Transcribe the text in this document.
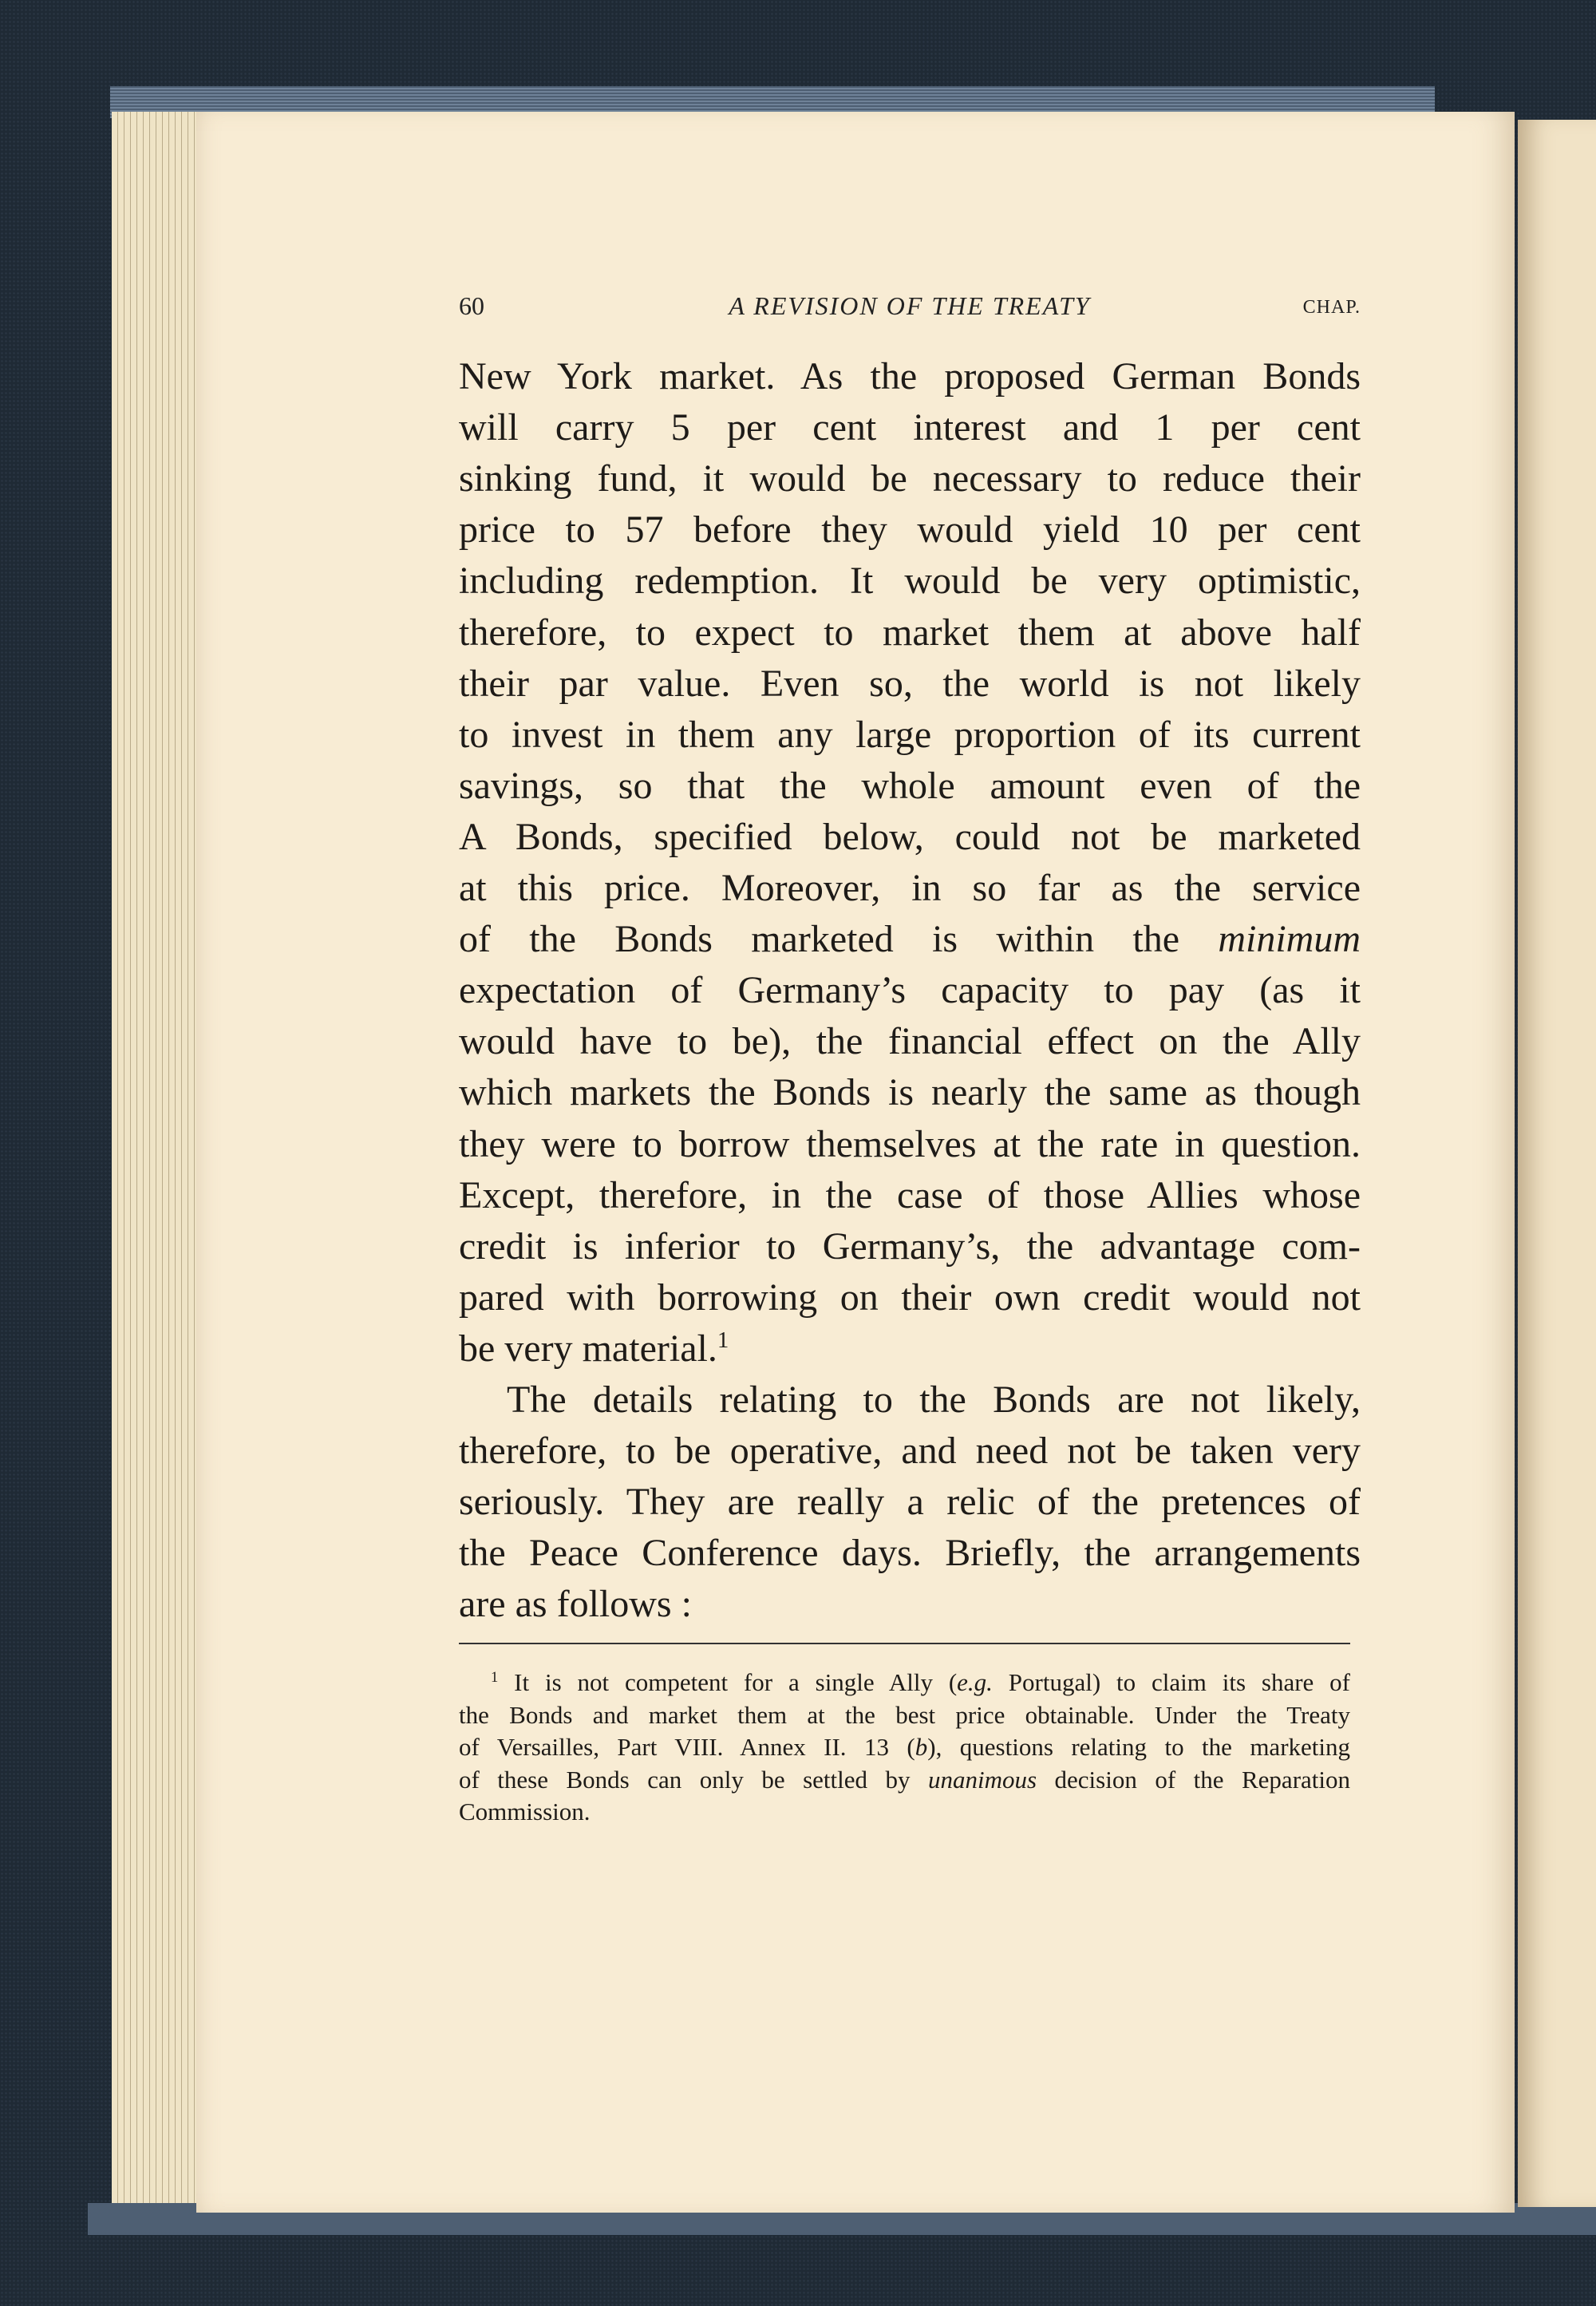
60	A REVISION OF THE TREATY	CHAP.
New York market. As the proposed German Bonds
will carry 5 per cent interest and 1 per cent
sinking fund, it would be necessary to reduce their
price to 57 before they would yield 10 per cent
including redemption. It would be very optimistic,
therefore, to expect to market them at above half
their par value. Even so, the world is not likely
to invest in them any large proportion of its current
savings, so that the whole amount even of the
A Bonds, specified below, could not be marketed
at this price. Moreover, in so far as the service
of the Bonds marketed is within the minimum
expectation of Germany’s capacity to pay (as it
would have to be), the financial effect on the Ally
which markets the Bonds is nearly the same as though
they were to borrow themselves at the rate in question.
Except, therefore, in the case of those Allies whose
credit is inferior to Germany’s, the advantage com-
pared with borrowing on their own credit would not
be very material.$^1$
The details relating to the Bonds are not likely,
therefore, to be operative, and need not be taken very
seriously. They are really a relic of the pretences of
the Peace Conference days. Briefly, the arrangements
are as follows :
$^1$ It is not competent for a single Ally (e.g. Portugal) to claim its share of
the Bonds and market them at the best price obtainable. Under the Treaty
of Versailles, Part VIII. Annex II. 13 (b), questions relating to the marketing
of these Bonds can only be settled by unanimous decision of the Reparation
Commission.
